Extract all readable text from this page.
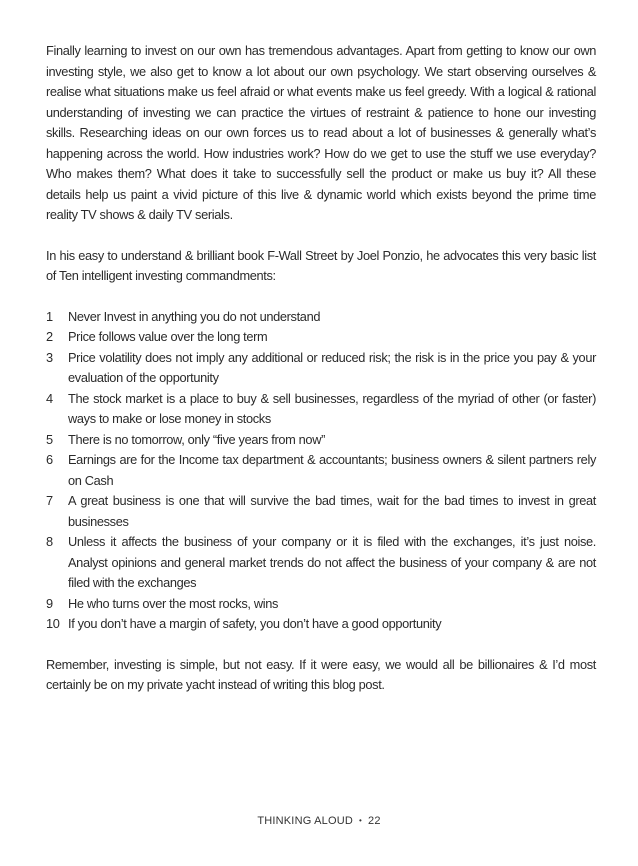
Finally learning to invest on our own has tremendous advantages. Apart from getting to know our own investing style, we also get to know a lot about our own psychology. We start observing ourselves & realise what situations make us feel afraid or what events make us feel greedy. With a logical & rational understanding of investing we can practice the virtues of restraint & patience to hone our investing skills. Researching ideas on our own forces us to read about a lot of businesses & generally what’s happening across the world. How industries work? How do we get to use the stuff we use everyday? Who makes them? What does it take to successfully sell the product or make us buy it? All these details help us paint a vivid picture of this live & dynamic world which exists beyond the prime time reality TV shows & daily TV serials.

In his easy to understand & brilliant book F-Wall Street by Joel Ponzio, he advocates this very basic list of Ten intelligent investing commandments:

1	Never Invest in anything you do not understand
2	Price follows value over the long term
3	Price volatility does not imply any additional or reduced risk; the risk is in the price you pay & your evaluation of the opportunity
4	The stock market is a place to buy & sell businesses, regardless of the myriad of other (or faster) ways to make or lose money in stocks
5	There is no tomorrow, only “five years from now”
6	Earnings are for the Income tax department & accountants; business owners & silent partners rely on Cash
7	A great business is one that will survive the bad times, wait for the bad times to invest in great businesses
8	Unless it affects the business of your company or it is filed with the exchanges, it’s just noise. Analyst opinions and general market trends do not affect the business of your company & are not filed with the exchanges
9	He who turns over the most rocks, wins
10 If you don’t have a margin of safety, you don’t have a good opportunity

Remember, investing is simple, but not easy. If it were easy, we would all be billionaires & I’d most certainly be on my private yacht instead of writing this blog post.

THINKING ALOUD • 22
